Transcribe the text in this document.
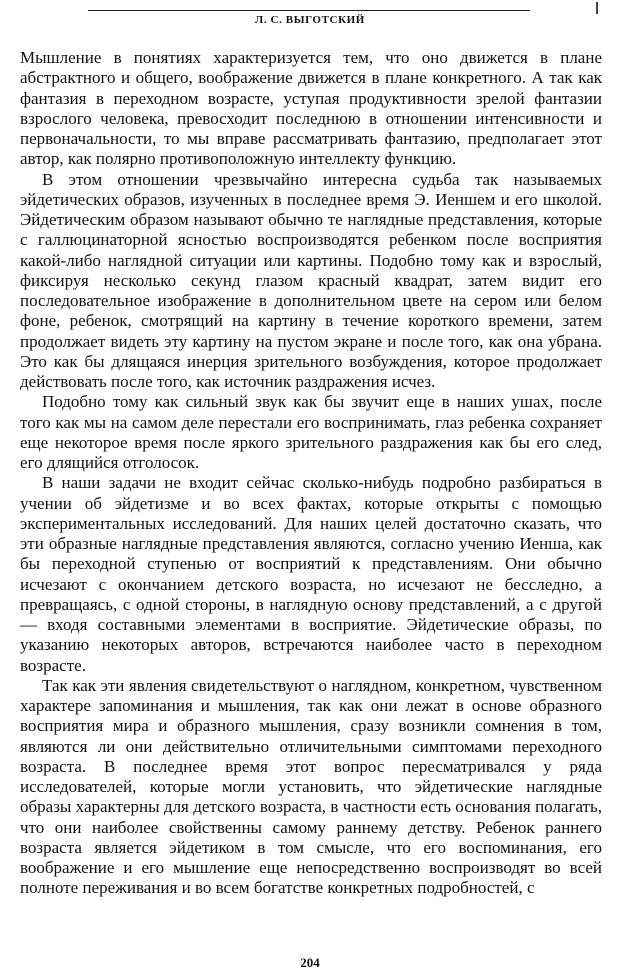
Л. С. ВЫГОТСКИЙ

Мышление в понятиях характеризуется тем, что оно движется в плане абстрактного и общего, воображение движется в плане конкретного. А так как фантазия в переходном возрасте, уступая продуктивности зрелой фантазии взрослого человека, превосходит последнюю в отношении интенсивности и первоначальности, то мы вправе рассматривать фантазию, предполагает этот автор, как полярно противоположную интеллекту функцию.

В этом отношении чрезвычайно интересна судьба так называемых эйдетических образов, изученных в последнее время Э. Иеншем и его школой. Эйдетическим образом называют обычно те наглядные представления, которые с галлюцинаторной ясностью воспроизводятся ребенком после восприятия какой-либо наглядной ситуации или картины. Подобно тому как и взрослый, фиксируя несколько секунд глазом красный квадрат, затем видит его последовательное изображение в дополнительном цвете на сером или белом фоне, ребенок, смотрящий на картину в течение короткого времени, затем продолжает видеть эту картину на пустом экране и после того, как она убрана. Это как бы длящаяся инерция зрительного возбуждения, которое продолжает действовать после того, как источник раздражения исчез.

Подобно тому как сильный звук как бы звучит еще в наших ушах, после того как мы на самом деле перестали его воспринимать, глаз ребенка сохраняет еще некоторое время после яркого зрительного раздражения как бы его след, его длящийся отголосок.

В наши задачи не входит сейчас сколько-нибудь подробно разбираться в учении об эйдетизме и во всех фактах, которые открыты с помощью экспериментальных исследований. Для наших целей достаточно сказать, что эти образные наглядные представления являются, согласно учению Иенша, как бы переходной ступенью от восприятий к представлениям. Они обычно исчезают с окончанием детского возраста, но исчезают не бесследно, а превращаясь, с одной стороны, в наглядную основу представлений, а с другой — входя составными элементами в восприятие. Эйдетические образы, по указанию некоторых авторов, встречаются наиболее часто в переходном возрасте.

Так как эти явления свидетельствуют о наглядном, конкретном, чувственном характере запоминания и мышления, так как они лежат в основе образного восприятия мира и образного мышления, сразу возникли сомнения в том, являются ли они действительно отличительными симптомами переходного возраста. В последнее время этот вопрос пересматривался у ряда исследователей, которые могли установить, что эйдетические наглядные образы характерны для детского возраста, в частности есть основания полагать, что они наиболее свойственны самому раннему детству. Ребенок раннего возраста является эйдетиком в том смысле, что его воспоминания, его воображение и его мышление еще непосредственно воспроизводят во всей полноте переживания и во всем богатстве конкретных подробностей, с

204
